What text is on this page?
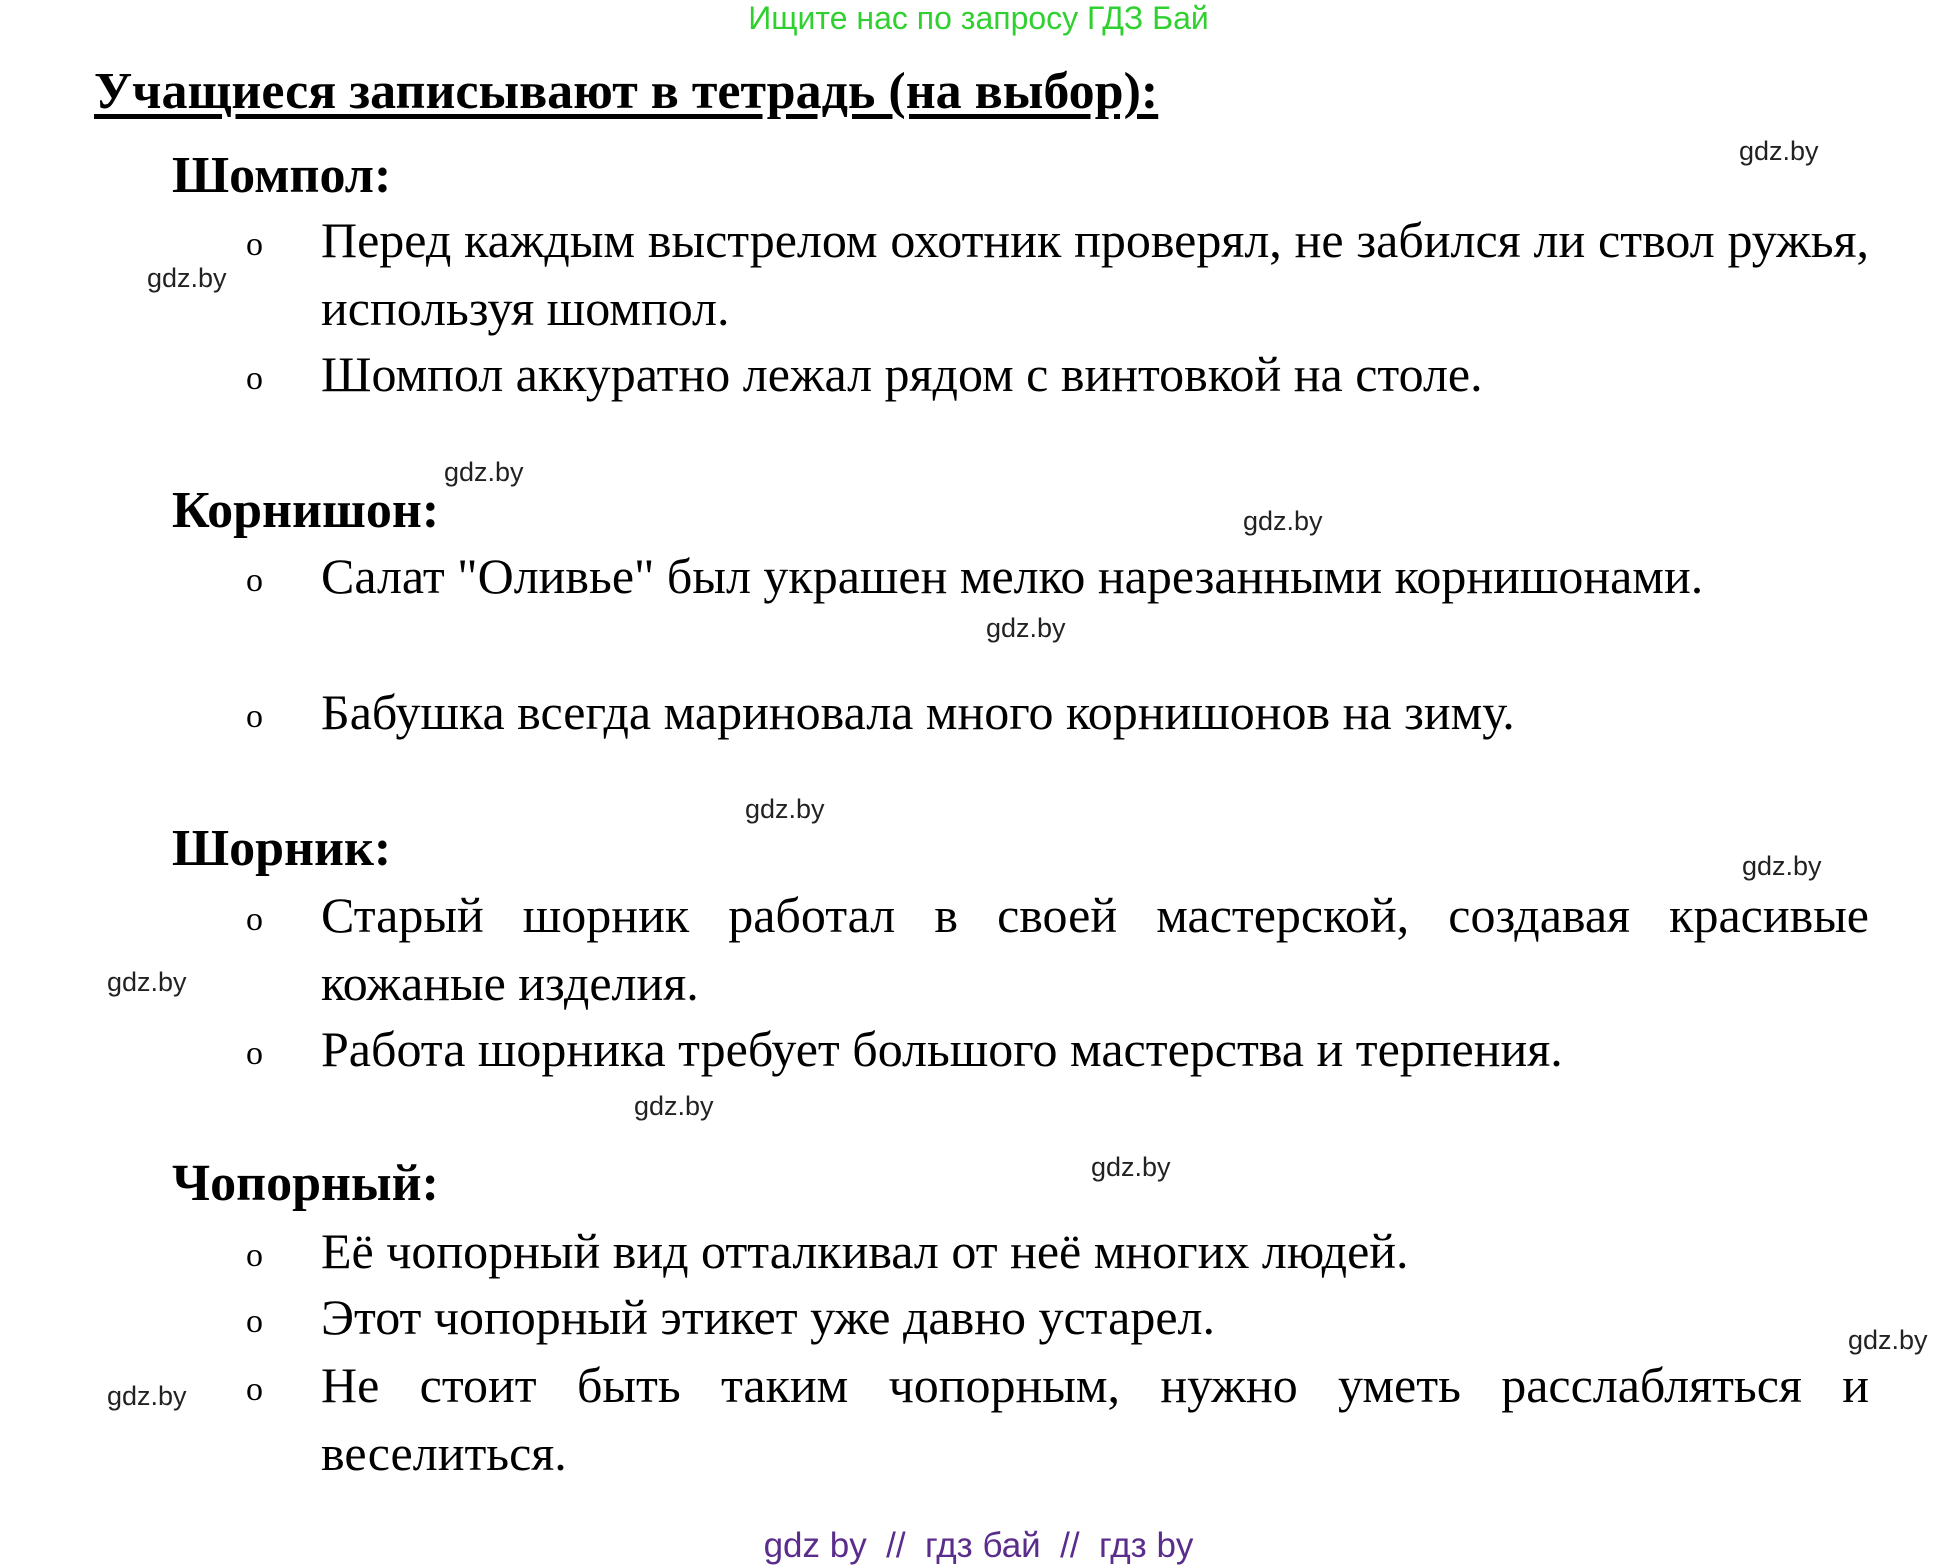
Ищите нас по запросу ГДЗ Бай
Учащиеся записывают в тетрадь (на выбор):
Шомпол:
o Перед каждым выстрелом охотник проверял, не забился ли ствол ружья, используя шомпол.
o Шомпол аккуратно лежал рядом с винтовкой на столе.
Корнишон:
o Салат "Оливье" был украшен мелко нарезанными корнишонами.
o Бабушка всегда мариновала много корнишонов на зиму.
Шорник:
o Старый шорник работал в своей мастерской, создавая красивые кожаные изделия.
o Работа шорника требует большого мастерства и терпения.
Чопорный:
o Её чопорный вид отталкивал от неё многих людей.
o Этот чопорный этикет уже давно устарел.
o Не стоит быть таким чопорным, нужно уметь расслабляться и веселиться.
gdz.by
gdz.by
gdz.by
gdz.by
gdz.by
gdz.by
gdz.by
gdz.by
gdz.by
gdz.by
gdz.by
gdz.by
gdz by  //  гдз бай  //  гдз by
